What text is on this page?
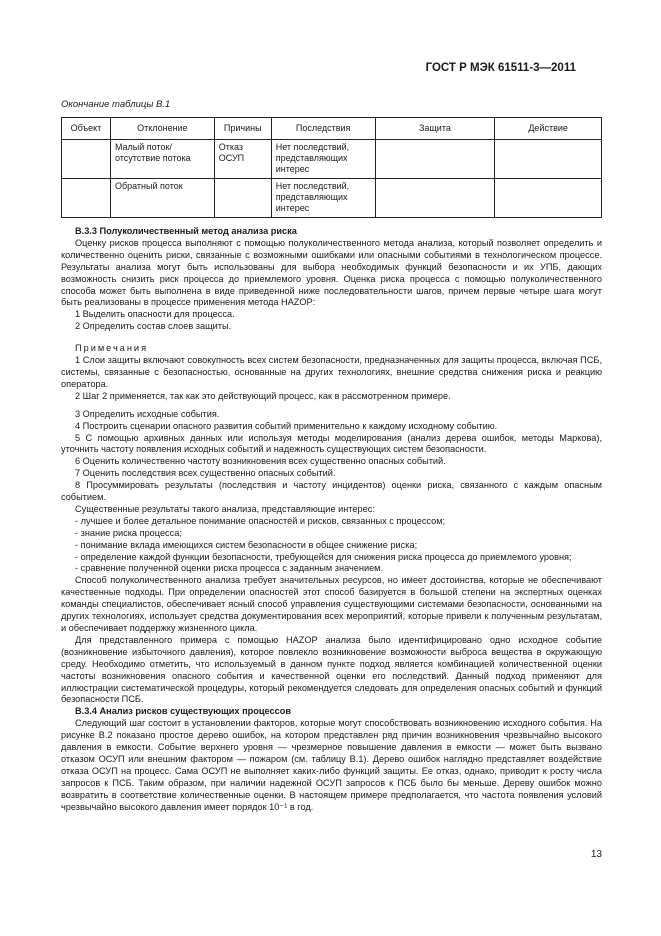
ГОСТ Р МЭК 61511-3—2011
Окончание таблицы В.1
Объект	Отклонение	Причины	Последствия	Защита	Действие
	Малый поток/ отсутствие потока	Отказ ОСУП	Нет последствий, представляющих интерес		
	Обратный поток		Нет последствий, представляющих интерес		

В.3.3 Полуколичественный метод анализа риска

Оценку рисков процесса выполняют с помощью полуколичественного метода анализа, который позволяет определить и количественно оценить риски, связанные с возможными ошибками или опасными событиями в технологическом процессе. Результаты анализа могут быть использованы для выбора необходимых функций безопасности и их УПБ, дающих возможность снизить риск процесса до приемлемого уровня. Оценка риска процесса с помощью полуколичественного способа может быть выполнена в виде приведенной ниже последовательности шагов, причем первые четыре шага могут быть реализованы в процессе применения метода HAZOP:

1 Выделить опасности для процесса.

2 Определить состав слоев защиты.

Примечания

1 Слои защиты включают совокупность всех систем безопасности, предназначенных для защиты процесса, включая ПСБ, системы, связанные с безопасностью, основанные на других технологиях, внешние средства снижения риска и реакцию оператора.

2 Шаг 2 применяется, так как это действующий процесс, как в рассмотренном примере.

3 Определить исходные события.

4 Построить сценарии опасного развития событий применительно к каждому исходному событию.

5 С помощью архивных данных или используя методы моделирования (анализ дерева ошибок, методы Маркова), уточнить частоту появления исходных событий и надежность существующих систем безопасности.

6 Оценить количественно частоту возникновения всех существенно опасных событий.

7 Оценить последствия всех существенно опасных событий.

8 Просуммировать результаты (последствия и частоту инцидентов) оценки риска, связанного с каждым опасным событием.

Существенные результаты такого анализа, представляющие интерес:

- лучшее и более детальное понимание опасностей и рисков, связанных с процессом;

- знание риска процесса;

- понимание вклада имеющихся систем безопасности в общее снижение риска;

- определение каждой функции безопасности, требующейся для снижения риска процесса до приемлемого уровня;

- сравнение полученной оценки риска процесса с заданным значением.

Способ полуколичественного анализа требует значительных ресурсов, но имеет достоинства, которые не обеспечивают качественные подходы. При определении опасностей этот способ базируется в большой степени на экспертных оценках команды специалистов, обеспечивает ясный способ управления существующими системами безопасности, основанными на других технологиях, использует средства документирования всех мероприятий, которые привели к полученным результатам, и обеспечивает поддержку жизненного цикла.

Для представленного примера с помощью HAZOP анализа было идентифицировано одно исходное событие (возникновение избыточного давления), которое повлекло возникновение возможности выброса вещества в окружающую среду. Необходимо отметить, что используемый в данном пункте подход является комбинацией количественной оценки частоты возникновения опасного события и качественной оценки его последствий. Данный подход применяют для иллюстрации систематической процедуры, который рекомендуется следовать для определения опасных событий и функций безопасности ПСБ.

В.3.4 Анализ рисков существующих процессов

Следующий шаг состоит в установлении факторов, которые могут способствовать возникновению исходного события. На рисунке В.2 показано простое дерево ошибок, на котором представлен ряд причин возникновения чрезвычайно высокого давления в емкости. Событие верхнего уровня — чрезмерное повышение давления в емкости — может быть вызвано отказом ОСУП или внешним фактором — пожаром (см. таблицу В.1). Дерево ошибок наглядно представляет воздействие отказа ОСУП на процесс. Сама ОСУП не выполняет каких-либо функций защиты. Ее отказ, однако, приводит к росту числа запросов к ПСБ. Таким образом, при наличии надежной ОСУП запросов к ПСБ было бы меньше. Дереву ошибок можно возвратить в соответствие количественные оценки. В настоящем примере предполагается, что частота появления условий чрезвычайно высокого давления имеет порядок 10⁻¹ в год.

13
